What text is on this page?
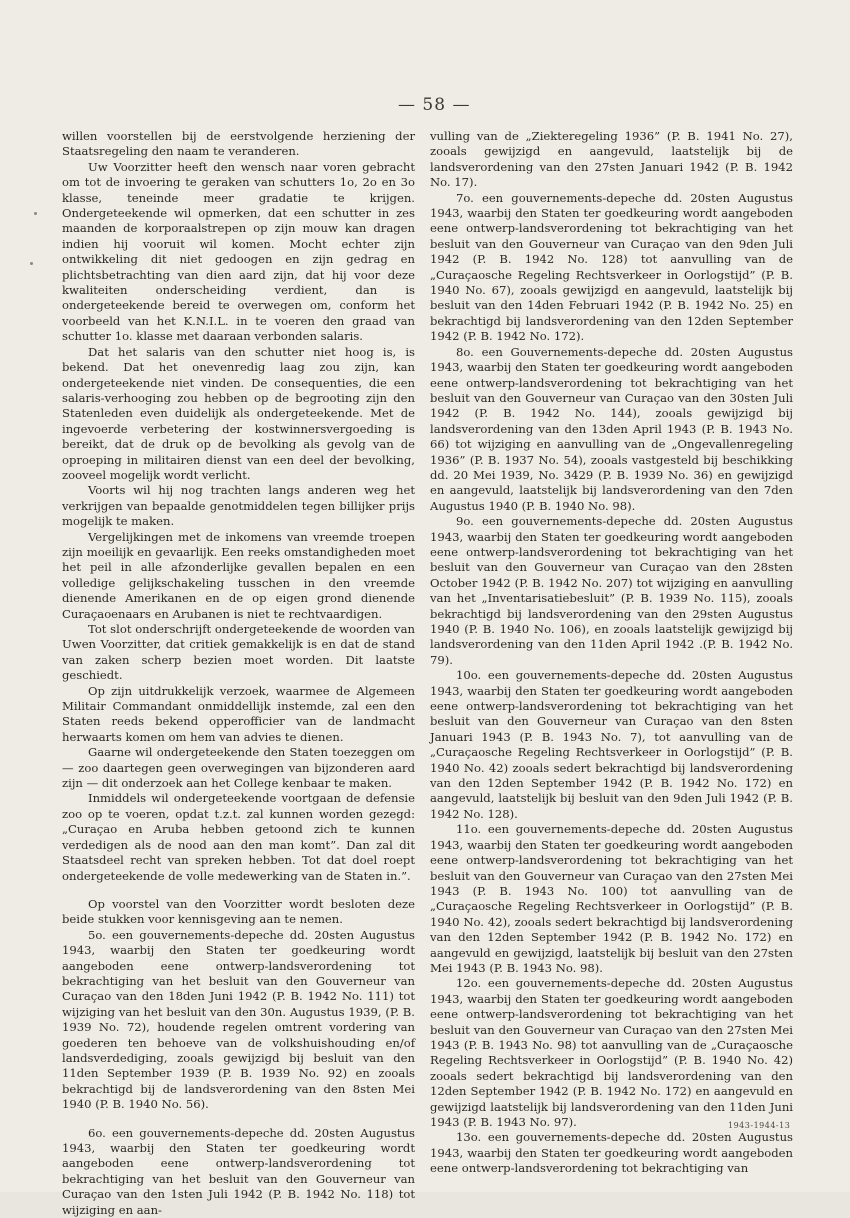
— 58 —

willen voorstellen bij de eerstvolgende herziening der Staatsregeling den naam te veranderen.

Uw Voorzitter heeft den wensch naar voren gebracht om tot de invoering te geraken van schutters 1o, 2o en 3o klasse, teneinde meer gradatie te krijgen. Ondergeteekende wil opmerken, dat een schutter in zes maanden de korporaalstrepen op zijn mouw kan dragen indien hij vooruit wil komen. Mocht echter zijn ontwikkeling dit niet gedoogen en zijn gedrag en plichtsbetrachting van dien aard zijn, dat hij voor deze kwaliteiten onderscheiding verdient, dan is ondergeteekende bereid te overwegen om, conform het voorbeeld van het K.N.I.L. in te voeren den graad van schutter 1o. klasse met daaraan verbonden salaris.

Dat het salaris van den schutter niet hoog is, is bekend. Dat het onevenredig laag zou zijn, kan ondergeteekende niet vinden. De consequenties, die een salaris-verhooging zou hebben op de begrooting zijn den Statenleden even duidelijk als ondergeteekende. Met de ingevoerde verbetering der kostwinnersvergoeding is bereikt, dat de druk op de bevolking als gevolg van de oproeping in militairen dienst van een deel der bevolking, zooveel mogelijk wordt verlicht.

Voorts wil hij nog trachten langs anderen weg het verkrijgen van bepaalde genotmiddelen tegen billijker prijs mogelijk te maken.

Vergelijkingen met de inkomens van vreemde troepen zijn moeilijk en gevaarlijk. Een reeks omstandigheden moet het peil in alle afzonderlijke gevallen bepalen en een volledige gelijkschakeling tusschen in den vreemde dienende Amerikanen en de op eigen grond dienende Curaçaoenaars en Arubanen is niet te rechtvaardigen.

Tot slot onderschrijft ondergeteekende de woorden van Uwen Voorzitter, dat critiek gemakkelijk is en dat de stand van zaken scherp bezien moet worden. Dit laatste geschiedt.

Op zijn uitdrukkelijk verzoek, waarmee de Algemeen Militair Commandant onmiddellijk instemde, zal een den Staten reeds bekend opperofficier van de landmacht herwaarts komen om hem van advies te dienen.

Gaarne wil ondergeteekende den Staten toezeggen om — zoo daartegen geen overwegingen van bijzonderen aard zijn — dit onderzoek aan het College kenbaar te maken.

Inmiddels wil ondergeteekende voortgaan de defensie zoo op te voeren, opdat t.z.t. zal kunnen worden gezegd: „Curaçao en Aruba hebben getoond zich te kunnen verdedigen als de nood aan den man komt”. Dan zal dit Staatsdeel recht van spreken hebben. Tot dat doel roept ondergeteekende de volle medewerking van de Staten in.”.

Op voorstel van den Voorzitter wordt besloten deze beide stukken voor kennisgeving aan te nemen.

5o. een gouvernements-depeche dd. 20sten Augustus 1943, waarbij den Staten ter goedkeuring wordt aangeboden eene ontwerp-landsverordening tot bekrachtiging van het besluit van den Gouverneur van Curaçao van den 18den Juni 1942 (P. B. 1942 No. 111) tot wijziging van het besluit van den 30n. Augustus 1939, (P. B. 1939 No. 72), houdende regelen omtrent vordering van goederen ten behoeve van de volkshuishouding en/of landsverdediging, zooals gewijzigd bij besluit van den 11den September 1939 (P. B. 1939 No. 92) en zooals bekrachtigd bij de landsverordening van den 8sten Mei 1940 (P. B. 1940 No. 56).

6o. een gouvernements-depeche dd. 20sten Augustus 1943, waarbij den Staten ter goedkeuring wordt aangeboden eene ontwerp-landsverordening tot bekrachtiging van het besluit van den Gouverneur van Curaçao van den 1sten Juli 1942 (P. B. 1942 No. 118) tot wijziging en aan-

vulling van de „Ziekteregeling 1936” (P. B. 1941 No. 27), zooals gewijzigd en aangevuld, laatstelijk bij de landsverordening van den 27sten Januari 1942 (P. B. 1942 No. 17).

7o. een gouvernements-depeche dd. 20sten Augustus 1943, waarbij den Staten ter goedkeuring wordt aangeboden eene ontwerp-landsverordening tot bekrachtiging van het besluit van den Gouverneur van Curaçao van den 9den Juli 1942 (P. B. 1942 No. 128) tot aanvulling van de „Curaçaosche Regeling Rechtsverkeer in Oorlogstijd” (P. B. 1940 No. 67), zooals gewijzigd en aangevuld, laatstelijk bij besluit van den 14den Februari 1942 (P. B. 1942 No. 25) en bekrachtigd bij landsverordening van den 12den September 1942 (P. B. 1942 No. 172).

8o. een Gouvernements-depeche dd. 20sten Augustus 1943, waarbij den Staten ter goedkeuring wordt aangeboden eene ontwerp-landsverordening tot bekrachtiging van het besluit van den Gouverneur van Curaçao van den 30sten Juli 1942 (P. B. 1942 No. 144), zooals gewijzigd bij landsverordening van den 13den April 1943 (P. B. 1943 No. 66) tot wijziging en aanvulling van de „Ongevallenregeling 1936” (P. B. 1937 No. 54), zooals vastgesteld bij beschikking dd. 20 Mei 1939, No. 3429 (P. B. 1939 No. 36) en gewijzigd en aangevuld, laatstelijk bij landsverordening van den 7den Augustus 1940 (P. B. 1940 No. 98).

9o. een gouvernements-depeche dd. 20sten Augustus 1943, waarbij den Staten ter goedkeuring wordt aangeboden eene ontwerp-landsverordening tot bekrachtiging van het besluit van den Gouverneur van Curaçao van den 28sten October 1942 (P. B. 1942 No. 207) tot wijziging en aanvulling van het „Inventarisatiebesluit” (P. B. 1939 No. 115), zooals bekrachtigd bij landsverordening van den 29sten Augustus 1940 (P. B. 1940 No. 106), en zooals laatstelijk gewijzigd bij landsverordening van den 11den April 1942 .(P. B. 1942 No. 79).

10o. een gouvernements-depeche dd. 20sten Augustus 1943, waarbij den Staten ter goedkeuring wordt aangeboden eene ontwerp-landsverordening tot bekrachtiging van het besluit van den Gouverneur van Curaçao van den 8sten Januari 1943 (P. B. 1943 No. 7), tot aanvulling van de „Curaçaosche Regeling Rechtsverkeer in Oorlogstijd” (P. B. 1940 No. 42) zooals sedert bekrachtigd bij landsverordening van den 12den September 1942 (P. B. 1942 No. 172) en aangevuld, laatstelijk bij besluit van den 9den Juli 1942 (P. B. 1942 No. 128).

11o. een gouvernements-depeche dd. 20sten Augustus 1943, waarbij den Staten ter goedkeuring wordt aangeboden eene ontwerp-landsverordening tot bekrachtiging van het besluit van den Gouverneur van Curaçao van den 27sten Mei 1943 (P. B. 1943 No. 100) tot aanvulling van de „Curaçaosche Regeling Rechtsverkeer in Oorlogstijd” (P. B. 1940 No. 42), zooals sedert bekrachtigd bij landsverordening van den 12den September 1942 (P. B. 1942 No. 172) en aangevuld en gewijzigd, laatstelijk bij besluit van den 27sten Mei 1943 (P. B. 1943 No. 98).

12o. een gouvernements-depeche dd. 20sten Augustus 1943, waarbij den Staten ter goedkeuring wordt aangeboden eene ontwerp-landsverordening tot bekrachtiging van het besluit van den Gouverneur van Curaçao van den 27sten Mei 1943 (P. B. 1943 No. 98) tot aanvulling van de „Curaçaosche Regeling Rechtsverkeer in Oorlogstijd” (P. B. 1940 No. 42) zooals sedert bekrachtigd bij landsverordening van den 12den September 1942 (P. B. 1942 No. 172) en aangevuld en gewijzigd laatstelijk bij landsverordening van den 11den Juni 1943 (P. B. 1943 No. 97).

13o. een gouvernements-depeche dd. 20sten Augustus 1943, waarbij den Staten ter goedkeuring wordt aangeboden eene ontwerp-landsverordening tot bekrachtiging van

1943-1944-13
